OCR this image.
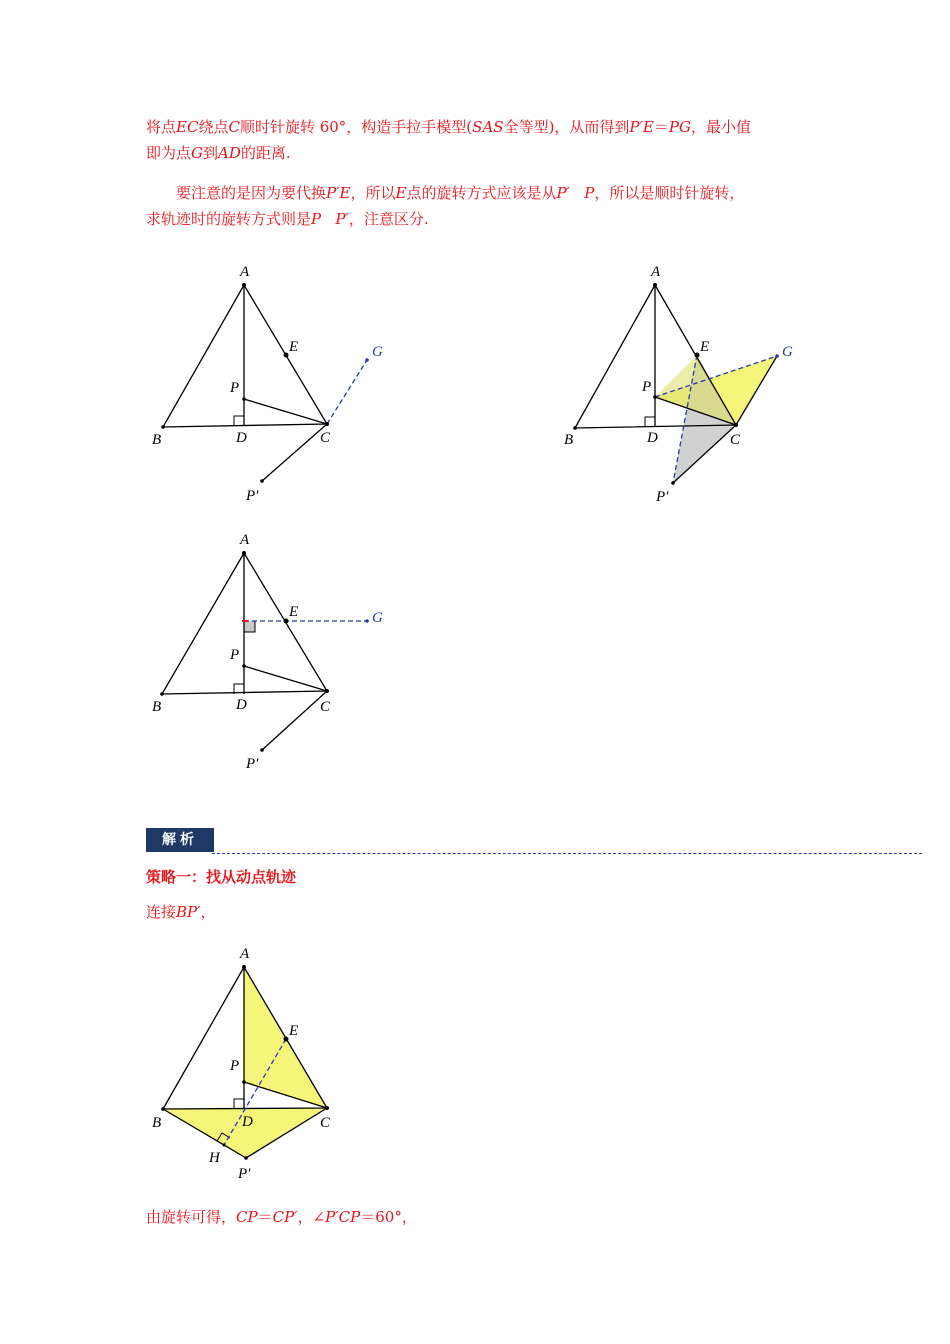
将点EC绕点C顺时针旋转 60°，构造手拉手模型(SAS全等型)，从而得到P′E＝PG，最小值
即为点G到AD的距离.
要注意的是因为要代换P′E，所以E点的旋转方式应该是从P′ P，所以是顺时针旋转，
求轨迹时的旋转方式则是P P′，注意区分.
A
E	G
P
B	D	C
P′
A
E	G
P
B	D	C
P′
A
E	G
P
B	D	C
P′
解析
策略一：找从动点轨迹
连接BP′，
A
E
P
B	D	C
H
P′
由旋转可得，CP＝CP′，∠P′CP＝60°，
